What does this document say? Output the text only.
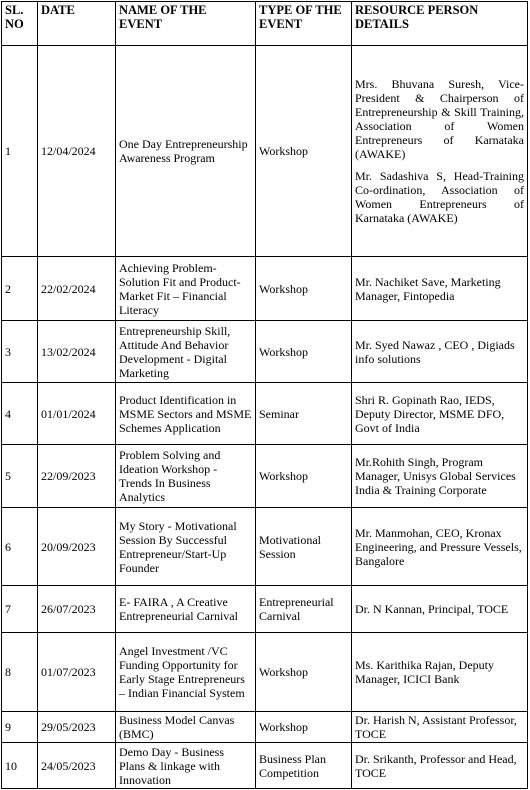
SL. NO	DATE	NAME OF THE EVENT	TYPE OF THE EVENT	RESOURCE PERSON DETAILS
1	12/04/2024	One Day Entrepreneurship Awareness Program	Workshop	Mrs. Bhuvana Suresh, Vice-President & Chairperson of Entrepreneurship & Skill Training, Association of Women Entrepreneurs of Karnataka (AWAKE)

Mr. Sadashiva S, Head-Training Co-ordination, Association of Women Entrepreneurs of Karnataka (AWAKE)

2	22/02/2024	Achieving Problem-Solution Fit and Product-Market Fit – Financial Literacy	Workshop	Mr. Nachiket Save, Marketing Manager, Fintopedia
3	13/02/2024	Entrepreneurship Skill, Attitude And Behavior Development - Digital Marketing	Workshop	Mr. Syed Nawaz , CEO , Digiads info solutions
4	01/01/2024	Product Identification in MSME Sectors and MSME Schemes Application	Seminar	Shri R. Gopinath Rao, IEDS, Deputy Director, MSME DFO, Govt of India
5	22/09/2023	Problem Solving and Ideation Workshop - Trends In Business Analytics	Workshop	Mr.Rohith Singh, Program Manager, Unisys Global Services India & Training Corporate
6	20/09/2023	My Story - Motivational Session By Successful Entrepreneur/Start-Up Founder	Motivational Session	Mr. Manmohan, CEO, Kronax Engineering, and Pressure Vessels, Bangalore
7	26/07/2023	E- FAIRA , A Creative Entrepreneurial Carnival	Entrepreneurial Carnival	Dr. N Kannan, Principal, TOCE
8	01/07/2023	Angel Investment /VC Funding Opportunity for Early Stage Entrepreneurs – Indian Financial System	Workshop	Ms. Karithika Rajan, Deputy Manager, ICICI Bank
9	29/05/2023	Business Model Canvas (BMC)	Workshop	Dr. Harish N, Assistant Professor, TOCE
10	24/05/2023	Demo Day - Business Plans & linkage with Innovation	Business Plan Competition	Dr. Srikanth, Professor and Head, TOCE
